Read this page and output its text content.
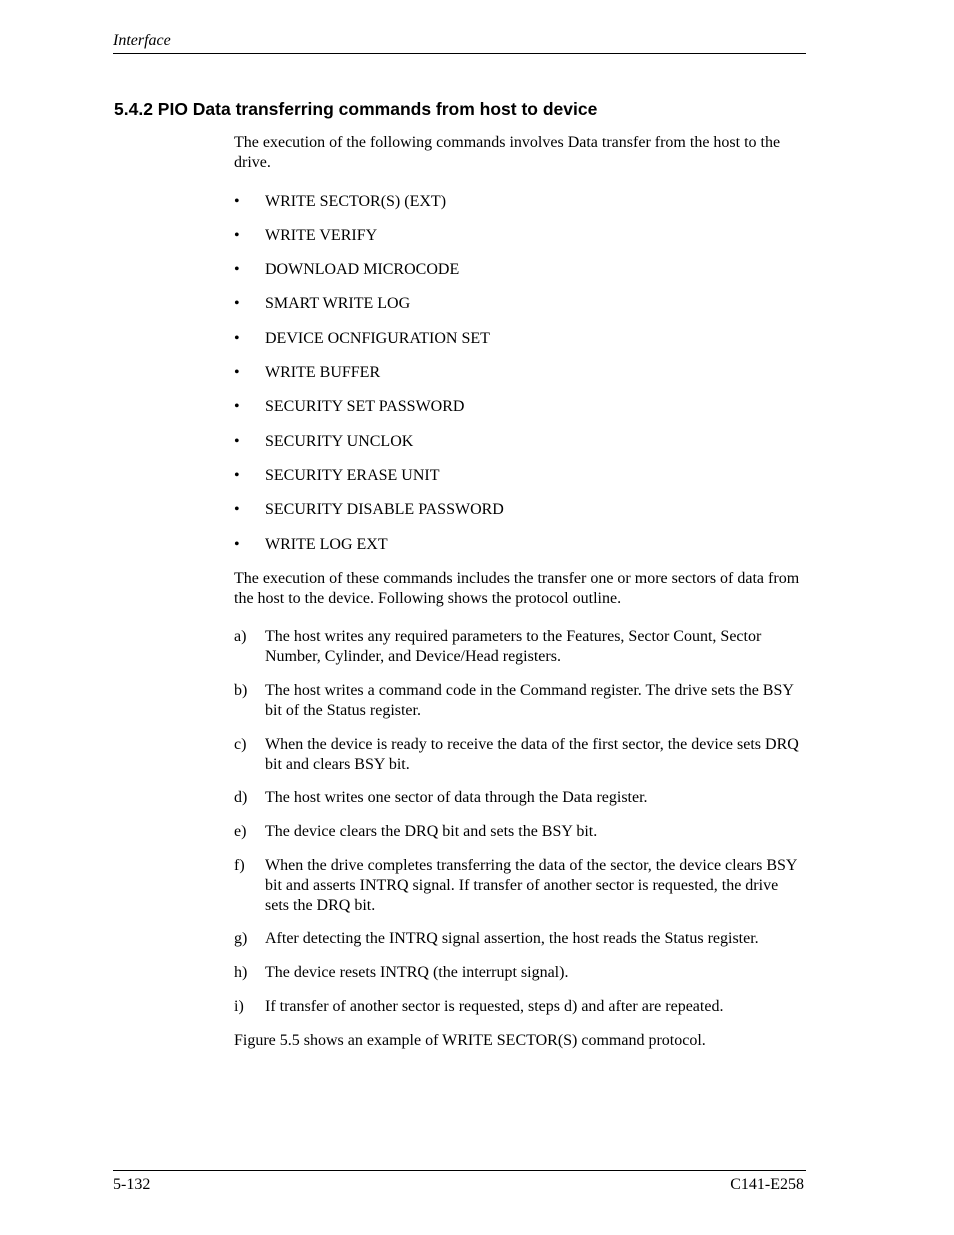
Interface
5.4.2 PIO Data transferring commands from host to device
The execution of the following commands involves Data transfer from the host to the drive.
• WRITE SECTOR(S) (EXT)
• WRITE VERIFY
• DOWNLOAD MICROCODE
• SMART WRITE LOG
• DEVICE OCNFIGURATION SET
• WRITE BUFFER
• SECURITY SET PASSWORD
• SECURITY UNCLOK
• SECURITY ERASE UNIT
• SECURITY DISABLE PASSWORD
• WRITE LOG EXT
The execution of these commands includes the transfer one or more sectors of data from the host to the device. Following shows the protocol outline.
a) The host writes any required parameters to the Features, Sector Count, Sector Number, Cylinder, and Device/Head registers.
b) The host writes a command code in the Command register. The drive sets the BSY bit of the Status register.
c) When the device is ready to receive the data of the first sector, the device sets DRQ bit and clears BSY bit.
d) The host writes one sector of data through the Data register.
e) The device clears the DRQ bit and sets the BSY bit.
f) When the drive completes transferring the data of the sector, the device clears BSY bit and asserts INTRQ signal. If transfer of another sector is requested, the drive sets the DRQ bit.
g) After detecting the INTRQ signal assertion, the host reads the Status register.
h) The device resets INTRQ (the interrupt signal).
i) If transfer of another sector is requested, steps d) and after are repeated.
Figure 5.5 shows an example of WRITE SECTOR(S) command protocol.
5-132	C141-E258
